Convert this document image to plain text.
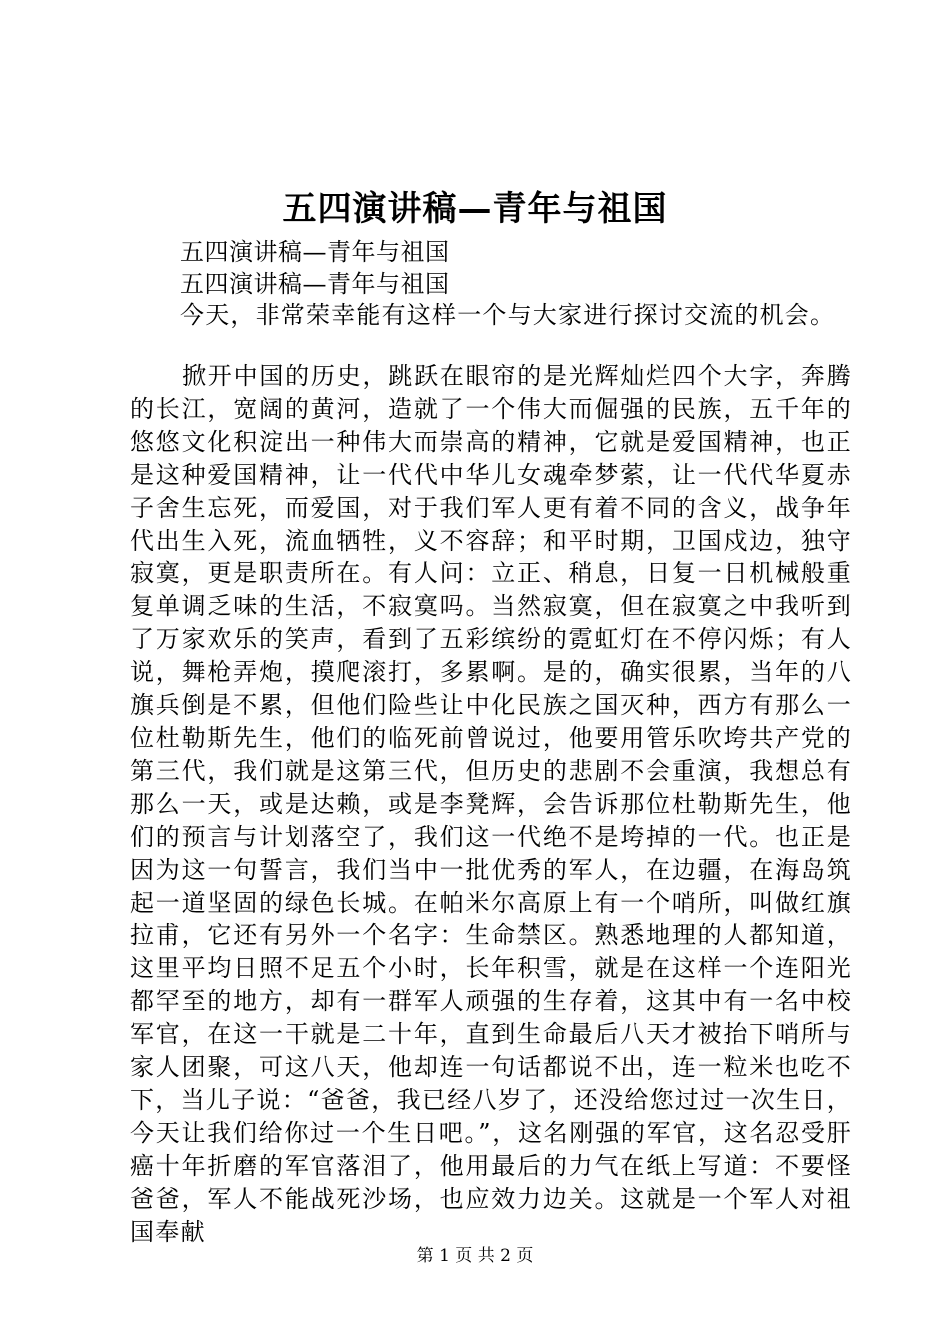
五四演讲稿—青年与祖国
五四演讲稿—青年与祖国
五四演讲稿—青年与祖国
今天，非常荣幸能有这样一个与大家进行探讨交流的机会。

掀开中国的历史，跳跃在眼帘的是光辉灿烂四个大字，奔腾的长江，宽阔的黄河，造就了一个伟大而倔强的民族，五千年的悠悠文化积淀出一种伟大而崇高的精神，它就是爱国精神，也正是这种爱国精神，让一代代中华儿女魂牵梦萦，让一代代华夏赤子舍生忘死，而爱国，对于我们军人更有着不同的含义，战争年代出生入死，流血牺牲，义不容辞；和平时期，卫国戍边，独守寂寞，更是职责所在。有人问：立正、稍息，日复一日机械般重复单调乏味的生活，不寂寞吗。当然寂寞，但在寂寞之中我听到了万家欢乐的笑声，看到了五彩缤纷的霓虹灯在不停闪烁；有人说，舞枪弄炮，摸爬滚打，多累啊。是的，确实很累，当年的八旗兵倒是不累，但他们险些让中化民族之国灭种，西方有那么一位杜勒斯先生，他们的临死前曾说过，他要用管乐吹垮共产党的第三代，我们就是这第三代，但历史的悲剧不会重演，我想总有那么一天，或是达赖，或是李凳辉，会告诉那位杜勒斯先生，他们的预言与计划落空了，我们这一代绝不是垮掉的一代。也正是因为这一句誓言，我们当中一批优秀的军人，在边疆，在海岛筑起一道坚固的绿色长城。在帕米尔高原上有一个哨所，叫做红旗拉甫，它还有另外一个名字：生命禁区。熟悉地理的人都知道，这里平均日照不足五个小时，长年积雪，就是在这样一个连阳光都罕至的地方，却有一群军人顽强的生存着，这其中有一名中校军官，在这一干就是二十年，直到生命最后八天才被抬下哨所与家人团聚，可这八天，他却连一句话都说不出，连一粒米也吃不下，当儿子说：“爸爸，我已经八岁了，还没给您过过一次生日，今天让我们给你过一个生日吧。”，这名刚强的军官，这名忍受肝癌十年折磨的军官落泪了，他用最后的力气在纸上写道：不要怪爸爸，军人不能战死沙场，也应效力边关。这就是一个军人对祖国奉献

第 1 页 共 2 页
